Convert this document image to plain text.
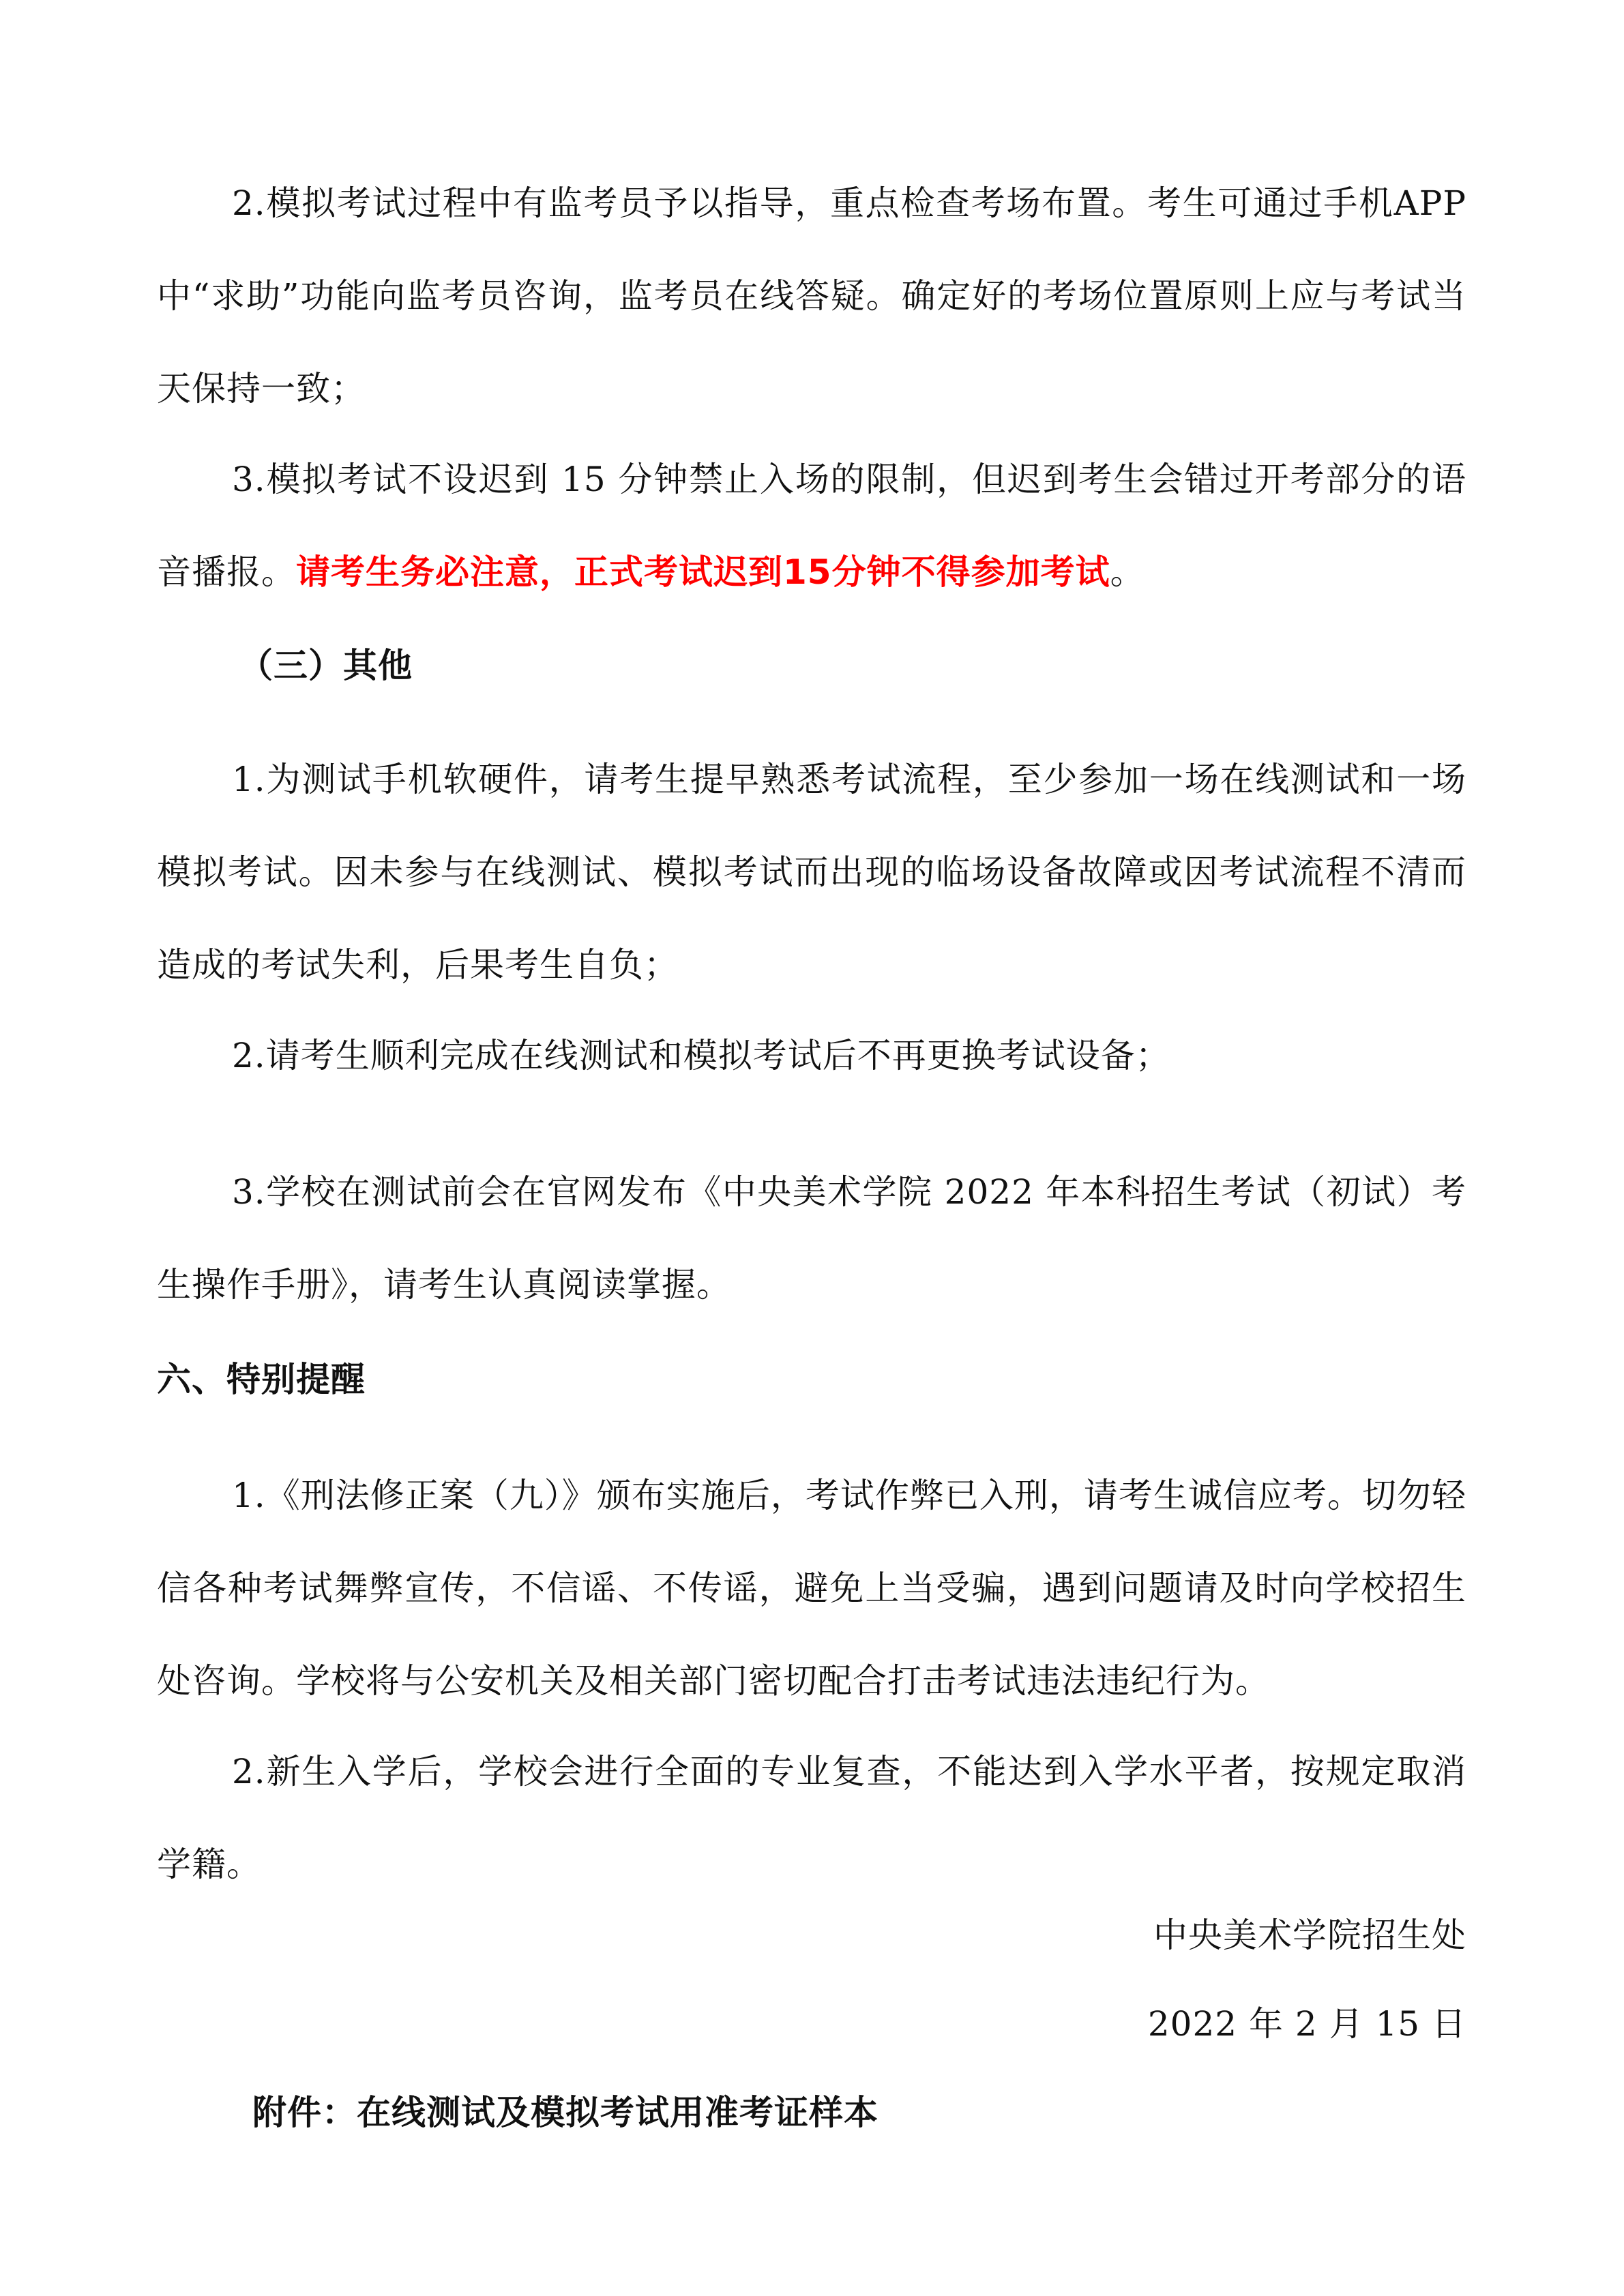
2.模拟考试过程中有监考员予以指导，重点检查考场布置。考生可通过手机APP中“求助”功能向监考员咨询，监考员在线答疑。确定好的考场位置原则上应与考试当天保持一致；

3.模拟考试不设迟到 15 分钟禁止入场的限制，但迟到考生会错过开考部分的语音播报。请考生务必注意，正式考试迟到15分钟不得参加考试。

（三）其他

1.为测试手机软硬件，请考生提早熟悉考试流程，至少参加一场在线测试和一场模拟考试。因未参与在线测试、模拟考试而出现的临场设备故障或因考试流程不清而造成的考试失利，后果考生自负；

2.请考生顺利完成在线测试和模拟考试后不再更换考试设备；

3.学校在测试前会在官网发布《中央美术学院 2022 年本科招生考试（初试）考生操作手册》，请考生认真阅读掌握。

六、特别提醒

1.《刑法修正案（九）》颁布实施后，考试作弊已入刑，请考生诚信应考。切勿轻信各种考试舞弊宣传，不信谣、不传谣，避免上当受骗，遇到问题请及时向学校招生处咨询。学校将与公安机关及相关部门密切配合打击考试违法违纪行为。

2.新生入学后，学校会进行全面的专业复查，不能达到入学水平者，按规定取消学籍。

中央美术学院招生处

2022 年 2 月 15 日

附件：在线测试及模拟考试用准考证样本
